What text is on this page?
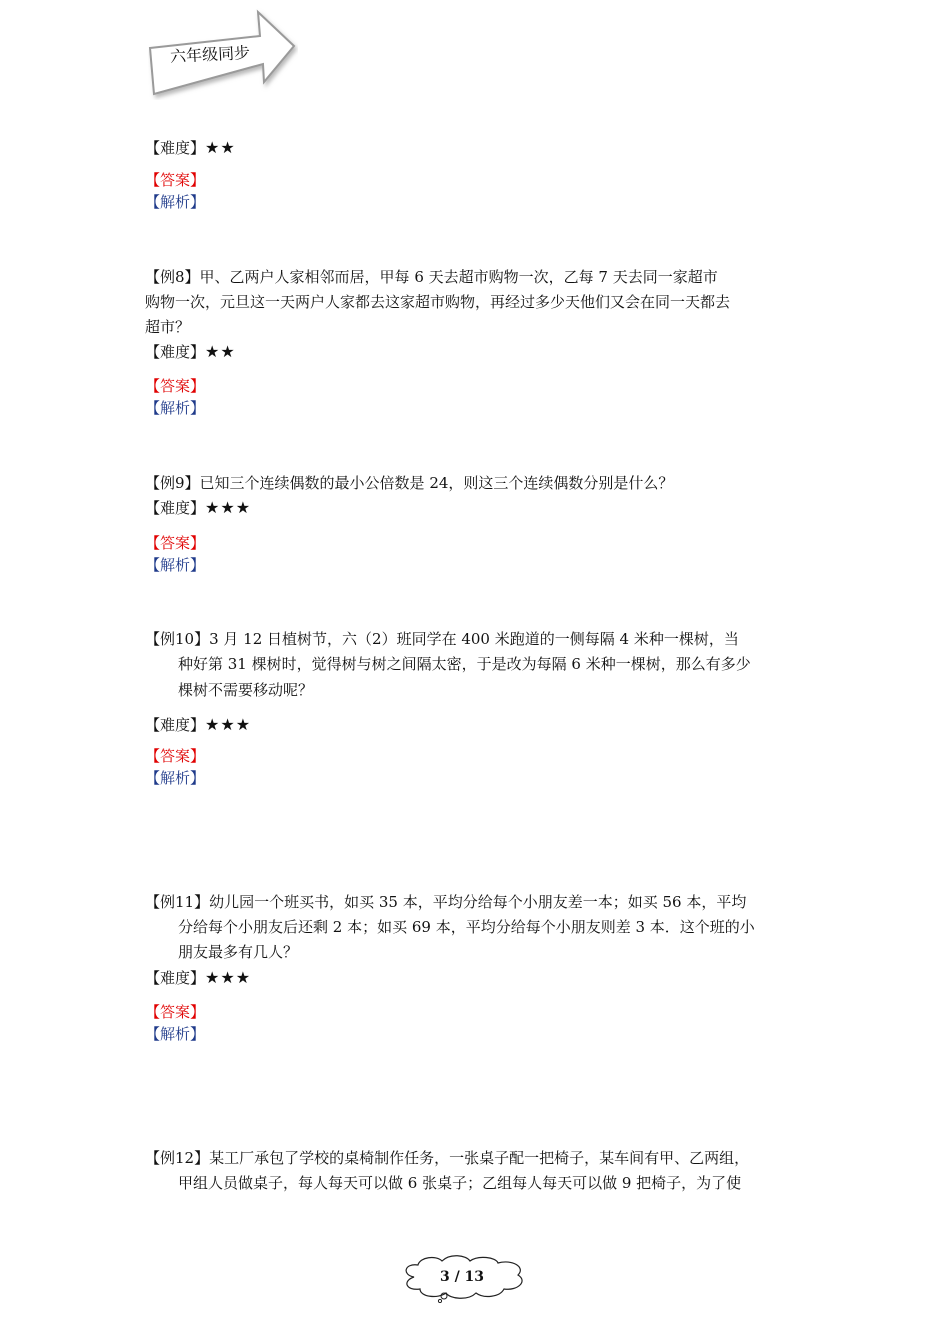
六年级同步
【难度】★★
【答案】
【解析】
【例8】甲、乙两户人家相邻而居，甲每 6 天去超市购物一次，乙每 7 天去同一家超市
购物一次，元旦这一天两户人家都去这家超市购物，再经过多少天他们又会在同一天都去
超市？
【难度】★★
【答案】
【解析】
【例9】已知三个连续偶数的最小公倍数是 24，则这三个连续偶数分别是什么？
【难度】★★★
【答案】
【解析】
【例10】3 月 12 日植树节，六（2）班同学在 400 米跑道的一侧每隔 4 米种一棵树，当
种好第 31 棵树时，觉得树与树之间隔太密，于是改为每隔 6 米种一棵树，那么有多少
棵树不需要移动呢？
【难度】★★★
【答案】
【解析】
【例11】幼儿园一个班买书，如买 35 本，平均分给每个小朋友差一本；如买 56 本，平均
分给每个小朋友后还剩 2 本；如买 69 本，平均分给每个小朋友则差 3 本．这个班的小
朋友最多有几人？
【难度】★★★
【答案】
【解析】
【例12】某工厂承包了学校的桌椅制作任务，一张桌子配一把椅子，某车间有甲、乙两组，
甲组人员做桌子，每人每天可以做 6 张桌子；乙组每人每天可以做 9 把椅子，为了使
3 / 13
